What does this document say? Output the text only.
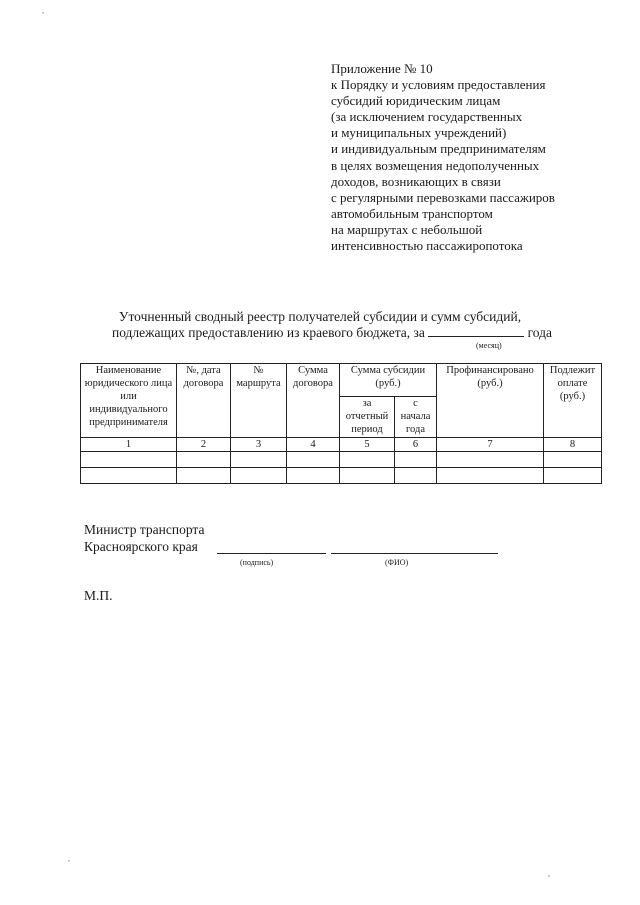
Приложение № 10
к Порядку и условиям предоставления
субсидий юридическим лицам
(за исключением государственных
и муниципальных учреждений)
и индивидуальным предпринимателям
в целях возмещения недополученных
доходов, возникающих в связи
с регулярными перевозками пассажиров
автомобильным транспортом
на маршрутах с небольшой
интенсивностью пассажиропотока
Уточненный сводный реестр получателей субсидии и сумм субсидий,
подлежащих предоставлению из краевого бюджета, за	года
(месяц)
Наименование юридического лица или индивидуального предпринимателя	№, дата договора	№ маршрута	Сумма договора	Сумма субсидии (руб.)		Профинансировано (руб.)	Подлежит оплате (руб.)
				за отчетный период	с начала года		
1	2	3	4	5	6	7	8

Министр транспорта
Красноярского края
(подпись)	(ФИО)
М.П.
